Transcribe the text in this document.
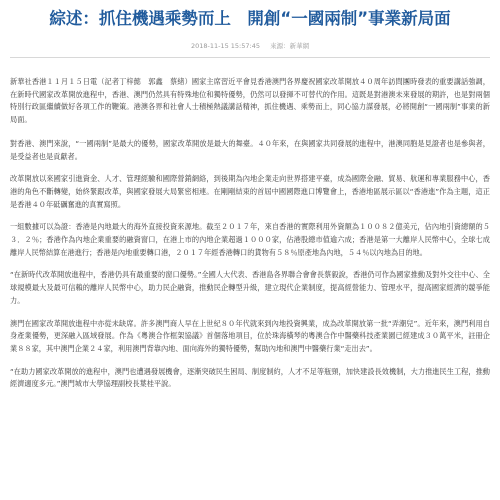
綜述：抓住機遇乘勢而上　開創“一國兩制”事業新局面
2018-11-15 15:57:45 來源：新華網

新華社香港１１月１５日電（記者丁梓懿　郭鑫　蔡緒）國家主席習近平會見香港澳門各界慶祝國家改革開放４０周年訪問團時發表的重要講話強調，在新時代國家改革開放進程中，香港、澳門仍然具有特殊地位和獨特優勢，仍然可以發揮不可替代的作用。這既是對港澳未來發展的期許，也是對兩個特別行政區繼續做好各項工作的鞭策。港澳各界和社會人士積極熱議講話精神，抓住機遇、乘勢而上，同心協力謀發展，必將開創“一國兩制”事業的新局面。

對香港、澳門來說，“一國兩制”是最大的優勢，國家改革開放是最大的舞臺。４０年來，在與國家共同發展的進程中，港澳同胞是見證者也是參與者，是受益者也是貢獻者。

改革開放以來國家引進資金、人才、管理經驗和國際營銷網絡，到後期為內地企業走向世界搭建平臺，成為國際金融、貿易、航運和專業服務中心，香港的角色不斷轉變，始終緊跟改革，與國家發展大局緊密相連。在剛剛結束的首屆中國國際進口博覽會上，香港地區展示區以“香港進”作為主題，這正是香港４０年砥礪奮進的真實寫照。

一組數據可以為證：香港是內地最大的海外直接投資來源地。截至２０１７年，來自香港的實際利用外資額為１００８２億美元，佔內地引資總額的５３．２％；香港作為內地企業重要的融資窗口，在港上市的內地企業超過１０００家，佔港股總市值逾六成；香港是第一大離岸人民幣中心，全球七成離岸人民幣結算在港進行；香港是內地重要轉口港，２０１７年經香港轉口的貨物有５８％原產地為內地，５４％以內地為目的地。

“在新時代改革開放進程中，香港仍具有最重要的窗口優勢。”全國人大代表、香港島各界聯合會會長蔡毅說，香港仍可作為國家推動及對外交往中心、全球規模最大及最可信賴的離岸人民幣中心，助力民企融資，推動民企轉型升級，建立現代企業制度，提高經營能力、管理水平，提高國家經濟的競爭能力。

澳門在國家改革開放進程中亦從未缺席。許多澳門商人早在上世紀８０年代就來到內地投資興業，成為改革開放第一批“弄潮兒”。近年來，澳門利用自身產業優勢，更深融入區域發展。作為《粵澳合作框架協議》首個落地項目，位於珠海橫琴的粵澳合作中醫藥科技產業園已經建成３０萬平米，註冊企業８８家，其中澳門企業２４家，利用澳門背靠內地、面向海外的獨特優勢，幫助內地和澳門中醫藥行業“走出去”。

“在助力國家改革開放的進程中，澳門也遭遇發展機會，逐漸突破民生困局、制度制約，人才不足等瓶頸，加快建設長效機制，大力推進民生工程，推動經濟適度多元。”澳門城市大學協理副校長葉桂平說。
